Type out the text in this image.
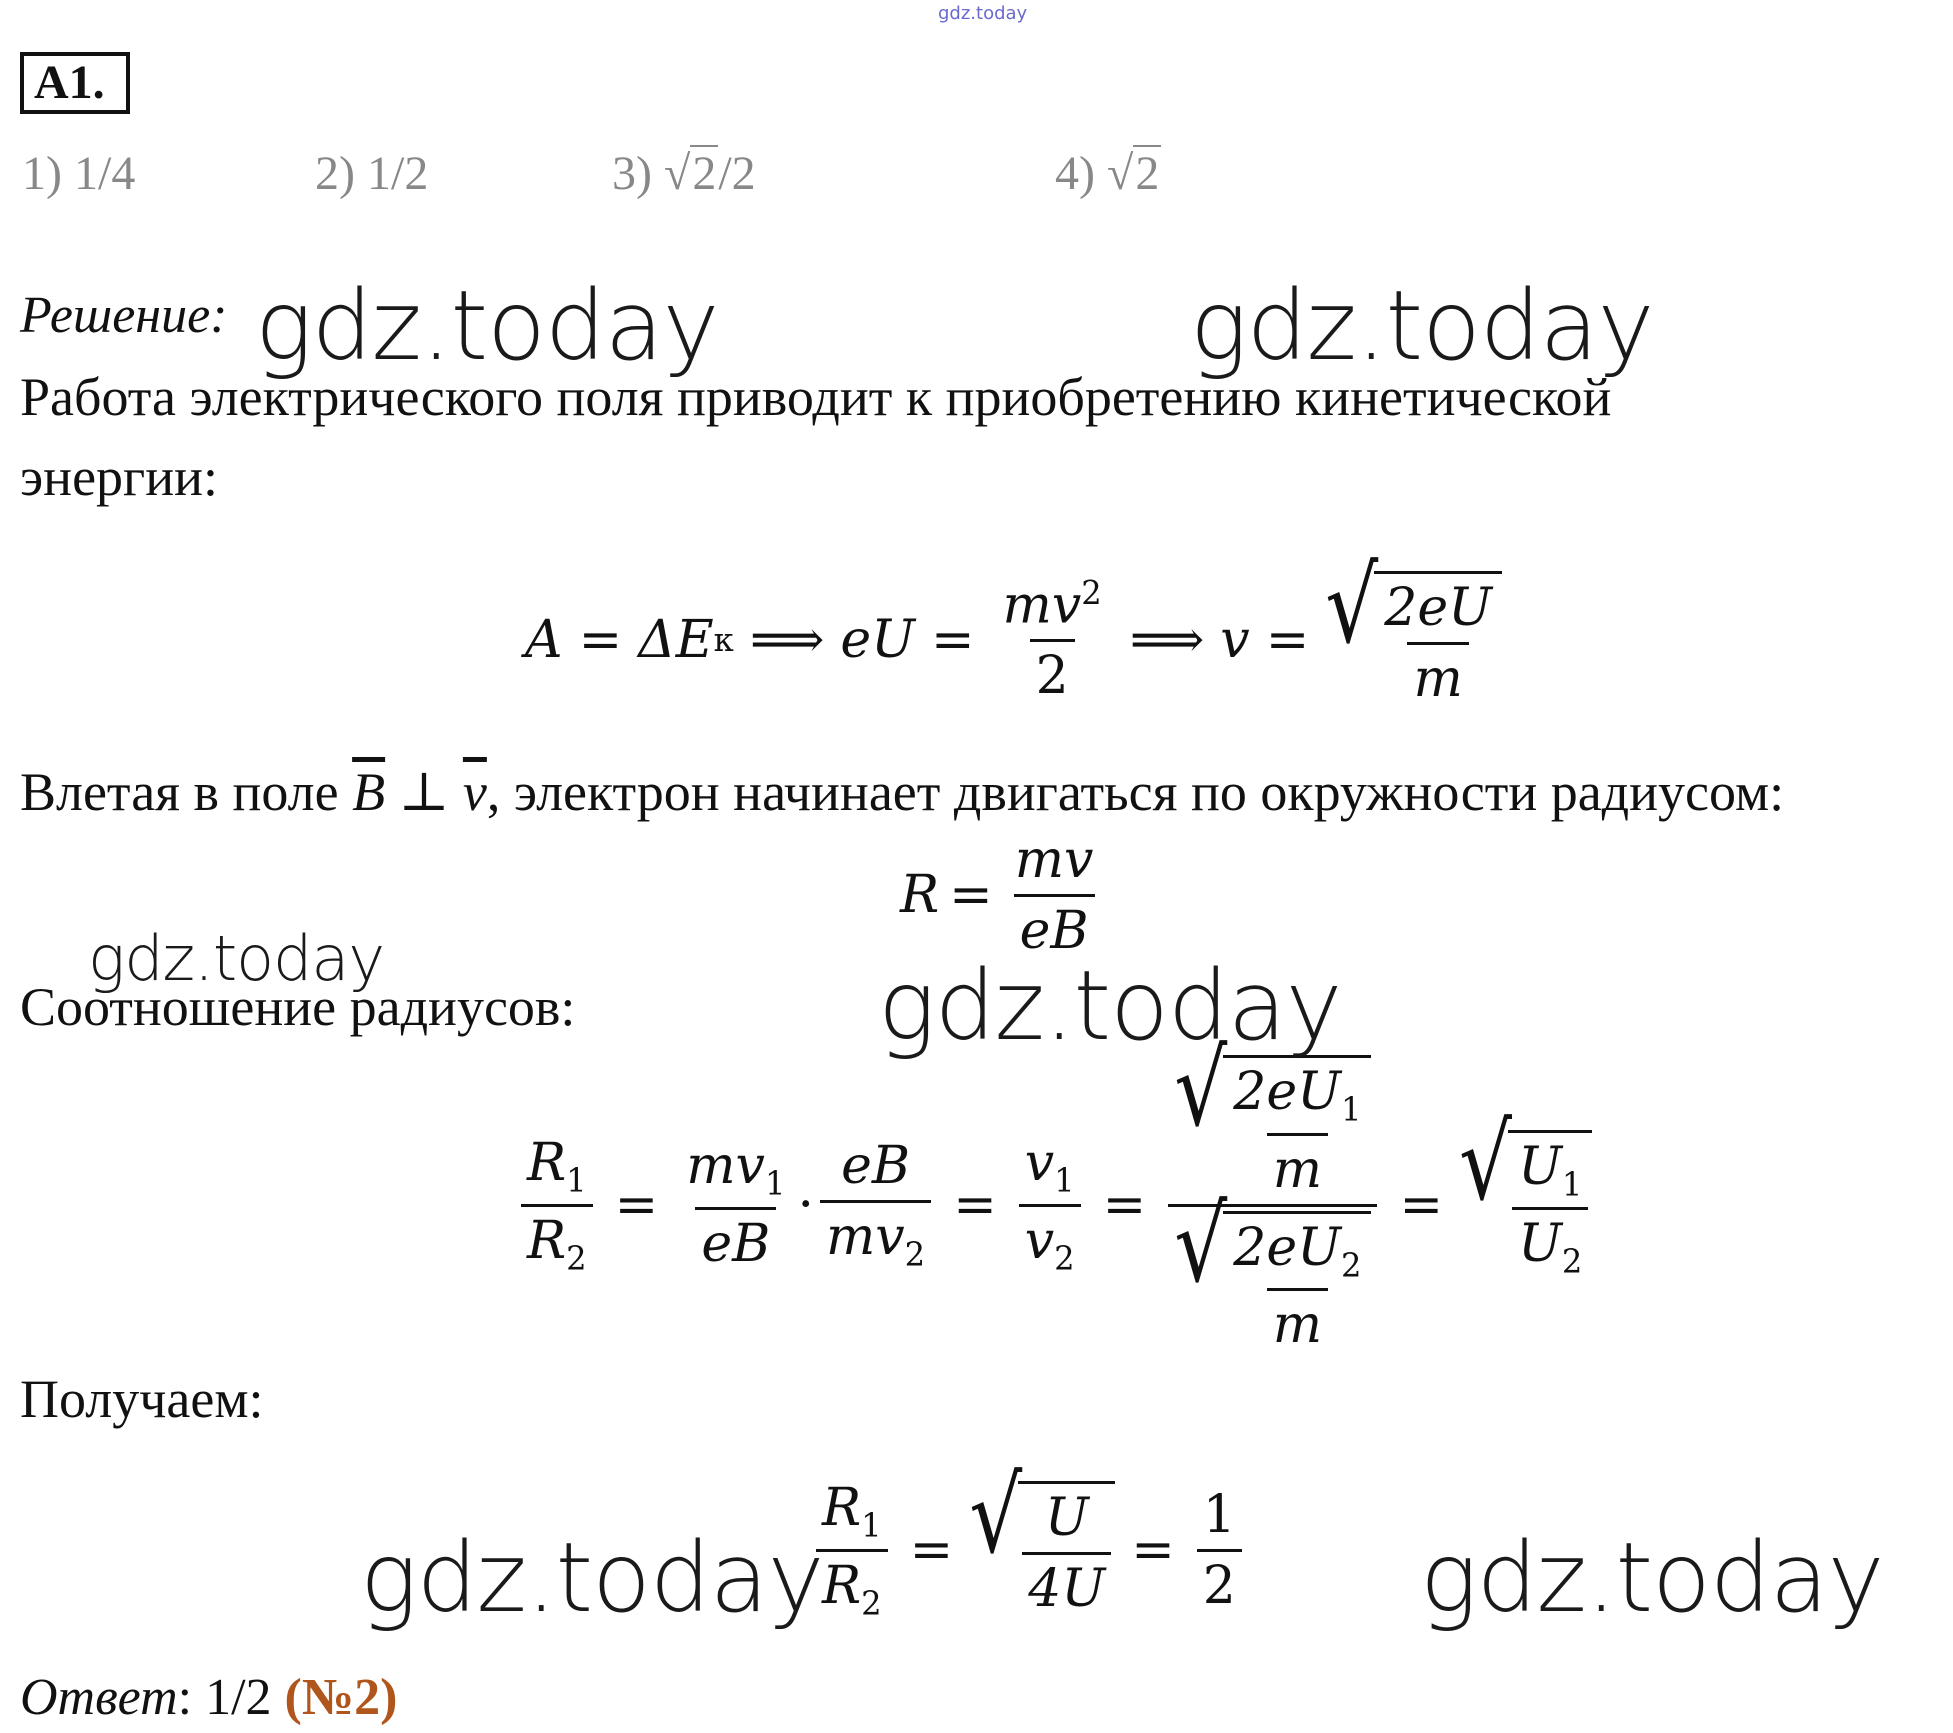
gdz.today
A1.
1) 1/4	2) 1/2	3) √2/2	4) √2
Решение:
Работа электрического поля приводит к приобретению кинетической
энергии:
A = ΔE к ⟹ eU = $\frac{mv^2}{2}$ ⟹ v = √ $\frac{2eU}{m}$
Влетая в поле $\overline{B}$ ⊥ $\overline{v}$, электрон начинает двигаться по окружности радиусом:
$R = \frac{mv}{eB}$
Соотношение радиусов:
$\frac{R_1}{R_2} = \frac{mv_1}{eB} \cdot \frac{eB}{mv_2} = \frac{v_1}{v_2} = \frac{√ \frac{2eU_1}{m}}{√ \frac{2eU_2}{m}}$ = √ $\frac{U_1}{U_2}$
Получаем:
$\frac{R_1}{R_2}$ = √ $\frac{U}{4U} = \frac{1}{2}$
Ответ: 1/2 (№2)
gdz.today	gdz.today
gdz.today	gdz.today
gdz.today	gdz.today
